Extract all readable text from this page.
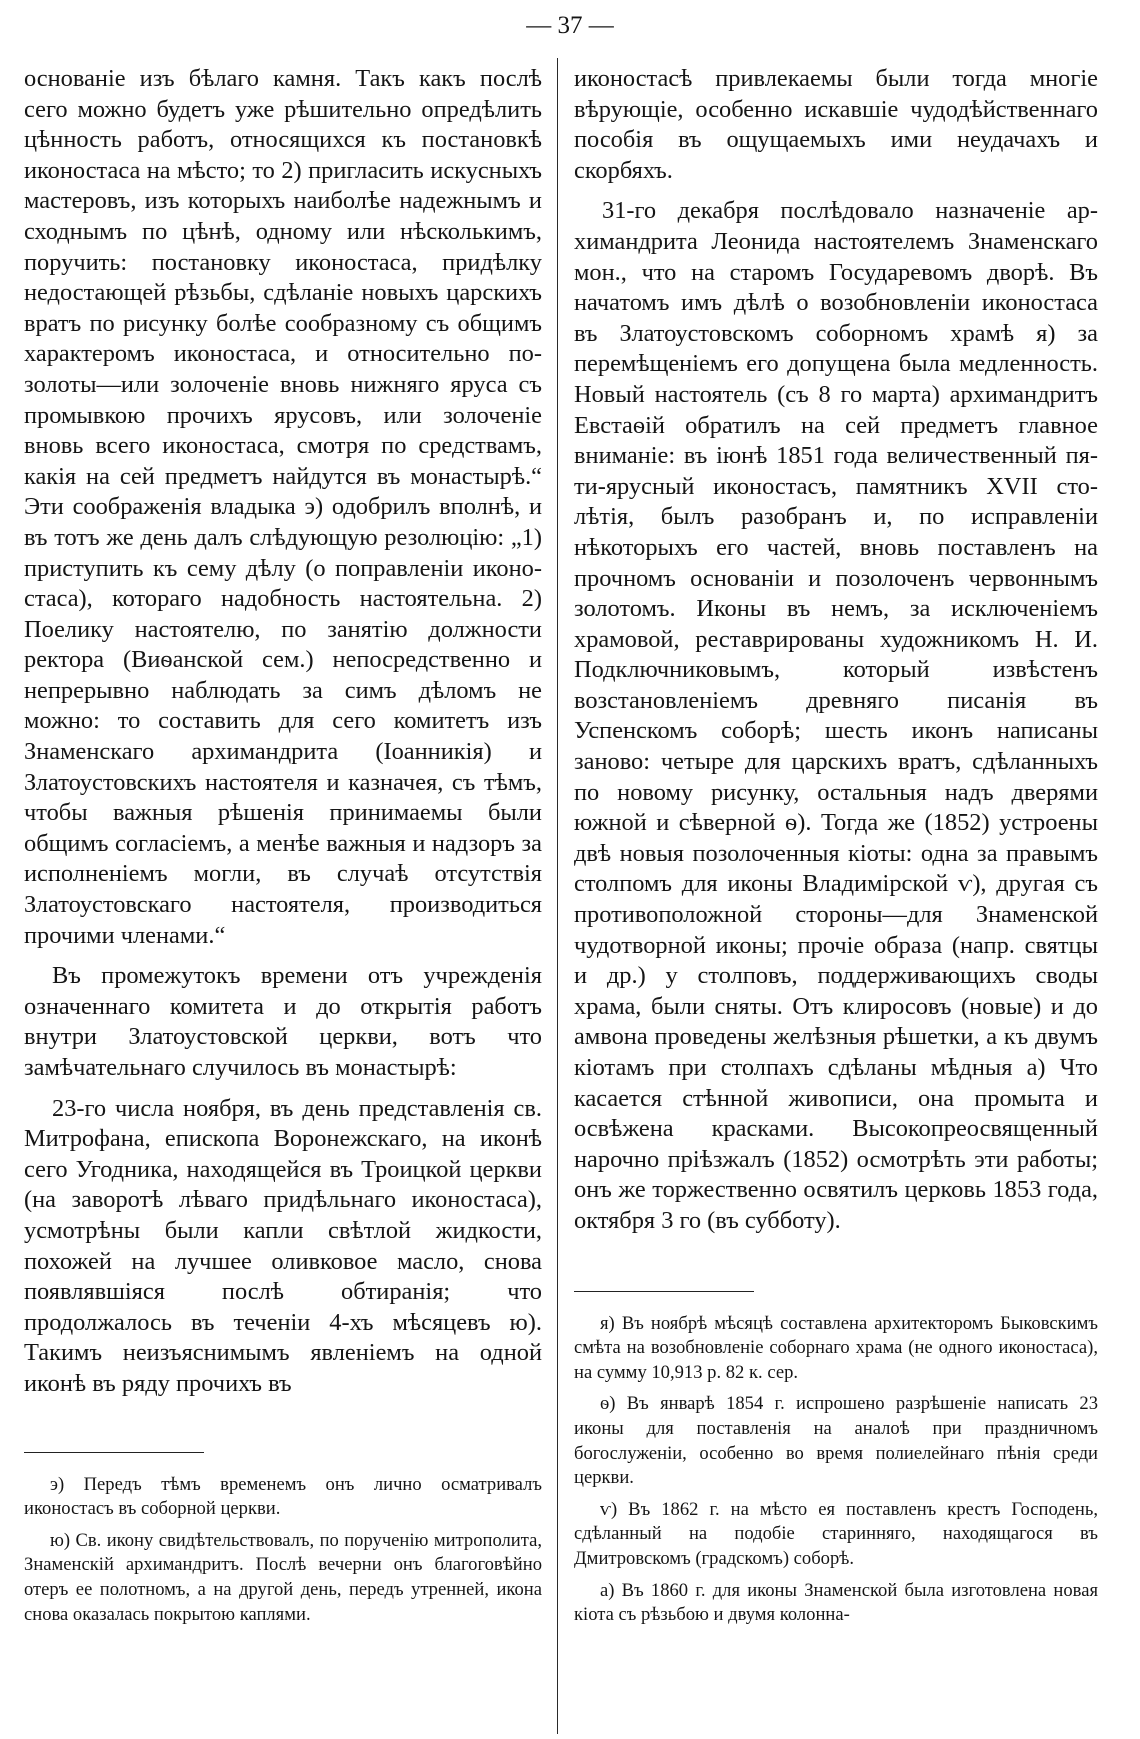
— 37 —

основаніе изъ бѣлаго камня. Такъ какъ послѣ сего можно будетъ уже рѣшительно опредѣлить цѣнность работъ, относящихся къ постановкѣ иконостаса на мѣсто; то 2) пригласить искусныхъ мастеровъ, изъ которыхъ наиболѣе надежнымъ и сходнымъ по цѣнѣ, одному или нѣсколькимъ, поручить: постановку иконостаса, придѣлку недостающей рѣзьбы, сдѣланіе новыхъ царскихъ вратъ по рисунку болѣе сообразному съ общимъ характеромъ иконостаса, и относительно позолоты—или золоченіе вновь нижняго яруса съ промывкою прочихъ ярусовъ, или золоченіе вновь всего иконостаса, смотря по средствамъ, какія на сей предметъ найдутся въ монастырѣ.“ Эти соображенія владыка э) одобрилъ вполнѣ, и въ тотъ же день далъ слѣдующую резолюцію: „1) приступить къ сему дѣлу (о поправленіи иконостаса), котораго надобность настоятельна. 2) Поелику настоятелю, по занятію должности ректора (Виѳанской сем.) непосредственно и непрерывно наблюдать за симъ дѣломъ не можно: то составить для сего комитетъ изъ Знаменскаго архимандрита (Іоанникія) и Златоустовскихъ настоятеля и казначея, съ тѣмъ, чтобы важныя рѣшенія принимаемы были общимъ согласіемъ, а менѣе важныя и надзоръ за исполненіемъ могли, въ случаѣ отсутствія Златоустовскаго настоятеля, производиться прочими членами.“

Въ промежутокъ времени отъ учрежденія означеннаго комитета и до открытія работъ внутри Златоустовской церкви, вотъ что замѣчательнаго случилось въ монастырѣ:

23-го числа ноября, въ день представленія св. Митрофана, епископа Воронежскаго, на иконѣ сего Угодника, находящейся въ Троицкой церкви (на заворотѣ лѣваго придѣльнаго иконостаса), усмотрѣны были капли свѣтлой жидкости, похожей на лучшее оливковое масло, снова появлявшіяся послѣ обтиранія; что продолжалось въ теченіи 4-хъ мѣсяцевъ ю). Такимъ неизъяснимымъ явленіемъ на одной иконѣ въ ряду прочихъ въ

э) Передъ тѣмъ временемъ онъ лично осматривалъ иконостасъ въ соборной церкви.

ю) Св. икону свидѣтельствовалъ, по порученію митрополита, Знаменскій архимандритъ. Послѣ вечерни онъ благоговѣйно отеръ ее полотномъ, а на другой день, передъ утренней, икона снова оказалась покрытою каплями.

иконостасѣ привлекаемы были тогда многіе вѣрующіе, особенно искавшіе чудодѣйственнаго пособія въ ощущаемыхъ ими неудачахъ и скорбяхъ.

31-го декабря послѣдовало назначеніе архимандрита Леонида настоятелемъ Знаменскаго мон., что на старомъ Государевомъ дворѣ. Въ начатомъ имъ дѣлѣ о возобновленіи иконостаса въ Златоустовскомъ соборномъ храмѣ я) за перемѣщеніемъ его допущена была медленность. Новый настоятель (съ 8 го марта) архимандритъ Евстаѳій обратилъ на сей предметъ главное вниманіе: въ іюнѣ 1851 года величественный пяти-ярусный иконостасъ, памятникъ XVII столѣтія, былъ разобранъ и, по исправленіи нѣкоторыхъ его частей, вновь поставленъ на прочномъ основаніи и позолоченъ червоннымъ золотомъ. Иконы въ немъ, за исключеніемъ храмовой, реставрированы художникомъ Н. И. Подключниковымъ, который извѣстенъ возстановленіемъ древняго писанія въ Успенскомъ соборѣ; шесть иконъ написаны заново: четыре для царскихъ вратъ, сдѣланныхъ по новому рисунку, остальныя надъ дверями южной и сѣверной ѳ). Тогда же (1852) устроены двѣ новыя позолоченныя кіоты: одна за правымъ столпомъ для иконы Владимірской ѵ), другая съ противоположной стороны—для Знаменской чудотворной иконы; прочіе образа (напр. святцы и др.) у столповъ, поддерживающихъ своды храма, были сняты. Отъ клиросовъ (новые) и до амвона проведены желѣзныя рѣшетки, а къ двумъ кіотамъ при столпахъ сдѣланы мѣдныя а) Что касается стѣнной живописи, она промыта и освѣжена красками. Высокопреосвященный нарочно пріѣзжалъ (1852) осмотрѣть эти работы; онъ же торжественно освятилъ церковь 1853 года, октября 3 го (въ субботу).

я) Въ ноябрѣ мѣсяцѣ составлена архитекторомъ Быковскимъ смѣта на возобновленіе соборнаго храма (не одного иконостаса), на сумму 10,913 р. 82 к. сер.

ѳ) Въ январѣ 1854 г. испрошено разрѣшеніе написать 23 иконы для поставленія на аналоѣ при праздничномъ богослуженіи, особенно во время полиелейнаго пѣнія среди церкви.

ѵ) Въ 1862 г. на мѣсто ея поставленъ крестъ Господень, сдѣланный на подобіе старинняго, находящагося въ Дмитровскомъ (градскомъ) соборѣ.

а) Въ 1860 г. для иконы Знаменской была изготовлена новая кіота съ рѣзьбою и двумя колонна-
